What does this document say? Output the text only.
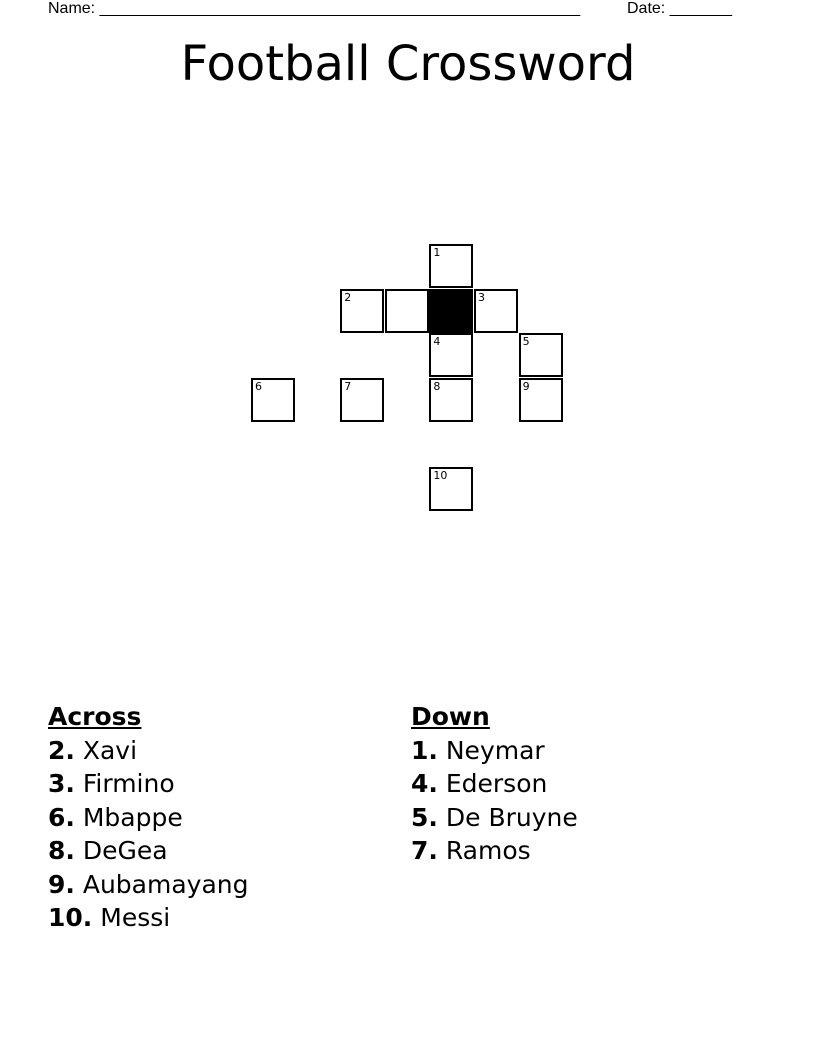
Name: ______________________________________________________	Date: _______
Football Crossword
1
2	3
4	5
6	7	8	9
10
Across
2. Xavi
3. Firmino
6. Mbappe
8. DeGea
9. Aubamayang
10. Messi
Down
1. Neymar
4. Ederson
5. De Bruyne
7. Ramos
